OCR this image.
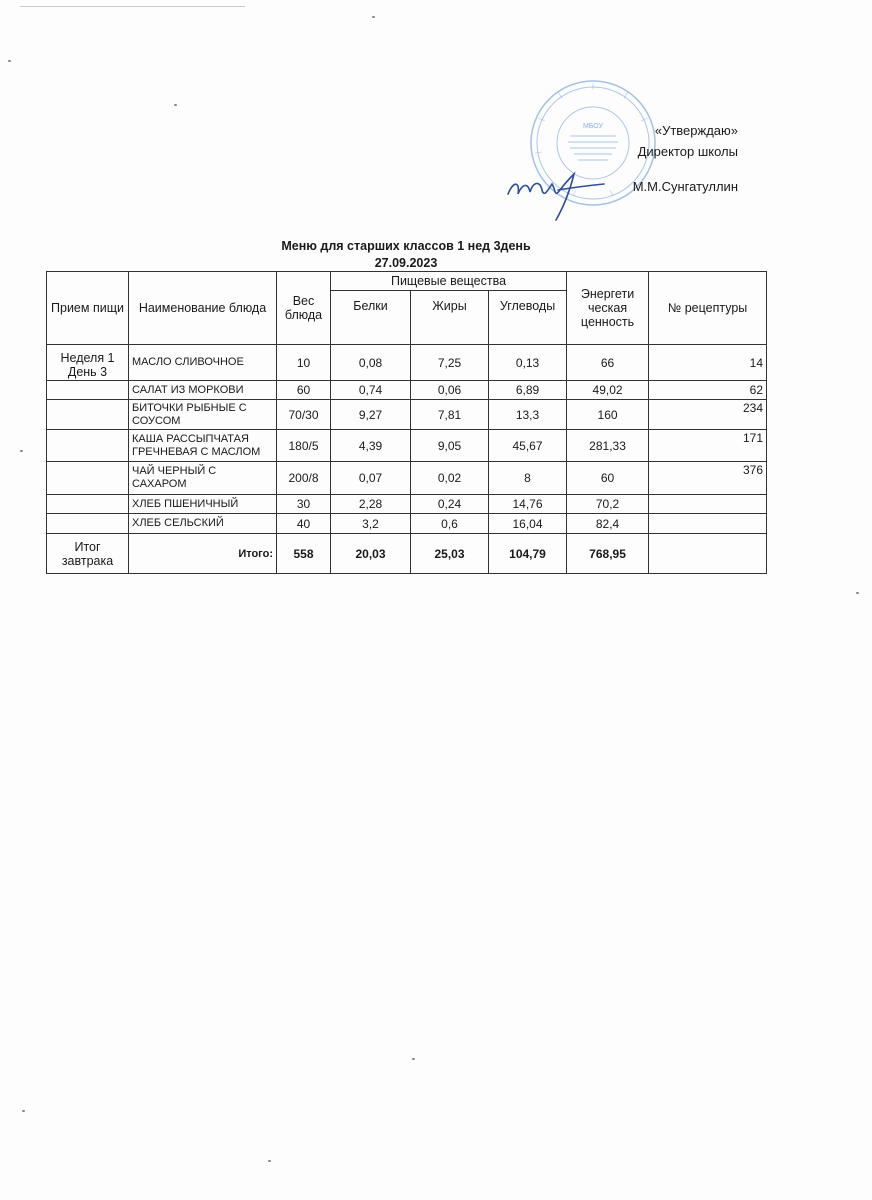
МБОУ	«Утверждаю»
Директор школы
М.М.Сунгатуллин
Меню для старших классов 1 нед 3день
27.09.2023
Прием пищи	Наименование блюда	Вес блюда	Пищевые вещества			Энергети ческая ценность	№ рецептуры
			Белки	Жиры	Углеводы		
Неделя 1 День 3	МАСЛО СЛИВОЧНОЕ	10	0,08	7,25	0,13	66	14
	САЛАТ ИЗ МОРКОВИ	60	0,74	0,06	6,89	49,02	62
	БИТОЧКИ РЫБНЫЕ С СОУСОМ	70/30	9,27	7,81	13,3	160	234
	КАША РАССЫПЧАТАЯ ГРЕЧНЕВАЯ С МАСЛОМ	180/5	4,39	9,05	45,67	281,33	171
	ЧАЙ ЧЕРНЫЙ С САХАРОМ	200/8	0,07	0,02	8	60	376
	ХЛЕБ ПШЕНИЧНЫЙ	30	2,28	0,24	14,76	70,2	
	ХЛЕБ СЕЛЬСКИЙ	40	3,2	0,6	16,04	82,4	
Итог завтрака	Итого:	558	20,03	25,03	104,79	768,95	
